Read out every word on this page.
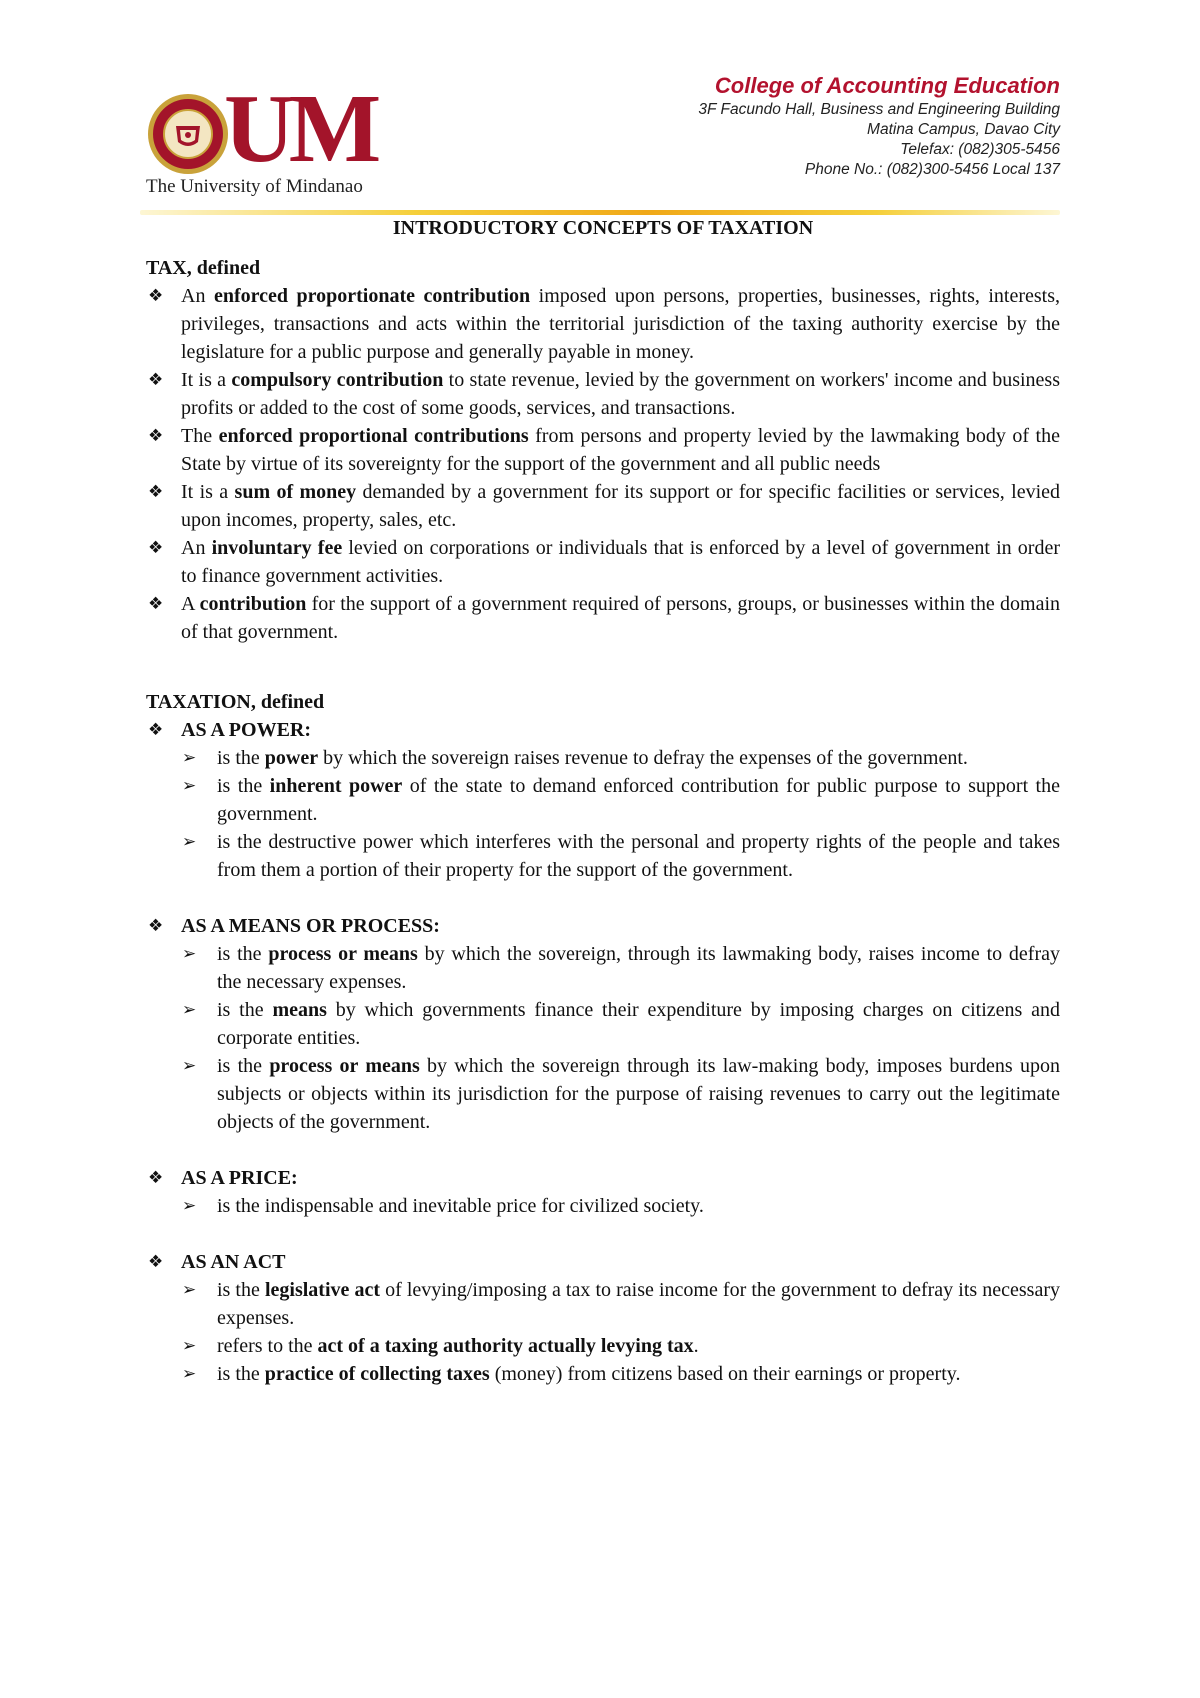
UM
The University of Mindanao
College of Accounting Education
3F Facundo Hall, Business and Engineering Building
Matina Campus, Davao City
Telefax: (082)305-5456
Phone No.: (082)300-5456 Local 137
INTRODUCTORY CONCEPTS OF TAXATION
TAX, defined
❖ An enforced proportionate contribution imposed upon persons, properties, businesses, rights, interests, privileges, transactions and acts within the territorial jurisdiction of the taxing authority exercise by the legislature for a public purpose and generally payable in money.
❖ It is a compulsory contribution to state revenue, levied by the government on workers' income and business profits or added to the cost of some goods, services, and transactions.
❖ The enforced proportional contributions from persons and property levied by the lawmaking body of the State by virtue of its sovereignty for the support of the government and all public needs
❖ It is a sum of money demanded by a government for its support or for specific facilities or services, levied upon incomes, property, sales, etc.
❖ An involuntary fee levied on corporations or individuals that is enforced by a level of government in order to finance government activities.
❖ A contribution for the support of a government required of persons, groups, or businesses within the domain of that government.
TAXATION, defined
❖ AS A POWER:
➢ is the power by which the sovereign raises revenue to defray the expenses of the government.
➢ is the inherent power of the state to demand enforced contribution for public purpose to support the government.
➢ is the destructive power which interferes with the personal and property rights of the people and takes from them a portion of their property for the support of the government.
❖ AS A MEANS OR PROCESS:
➢ is the process or means by which the sovereign, through its lawmaking body, raises income to defray the necessary expenses.
➢ is the means by which governments finance their expenditure by imposing charges on citizens and corporate entities.
➢ is the process or means by which the sovereign through its law-making body, imposes burdens upon subjects or objects within its jurisdiction for the purpose of raising revenues to carry out the legitimate objects of the government.
❖ AS A PRICE:
➢ is the indispensable and inevitable price for civilized society.
❖ AS AN ACT
➢ is the legislative act of levying/imposing a tax to raise income for the government to defray its necessary expenses.
➢ refers to the act of a taxing authority actually levying tax.
➢ is the practice of collecting taxes (money) from citizens based on their earnings or property.
